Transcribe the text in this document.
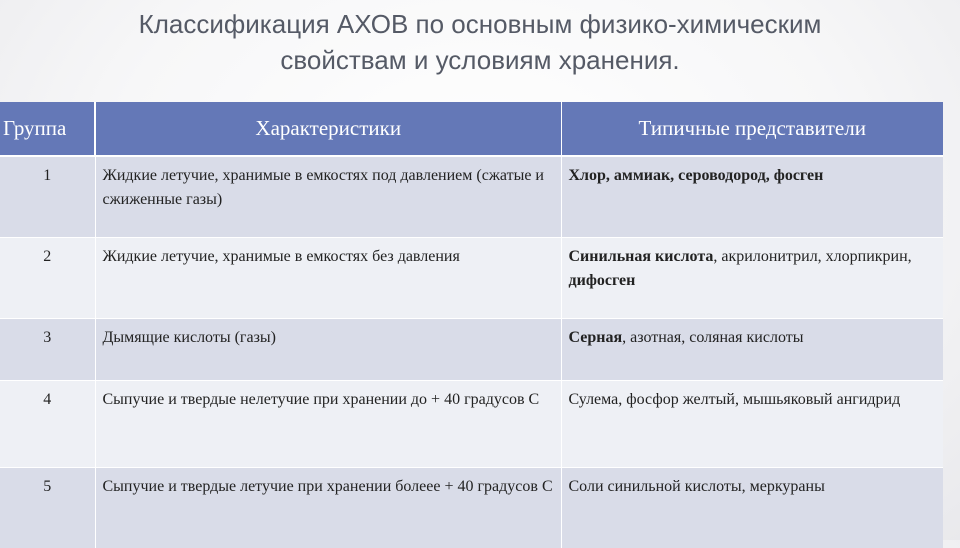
Классификация АХОВ по основным физико-химическим
свойствам и условиям хранения.
Группа	Характеристики	Типичные представители
1	Жидкие летучие, хранимые в емкостях под давлением (сжатые и сжиженные газы)	Хлор, аммиак, сероводород, фосген
2	Жидкие летучие, хранимые в емкостях без давления	Синильная кислота, акрилонитрил, хлорпикрин, дифосген
3	Дымящие кислоты (газы)	Серная, азотная, соляная кислоты
4	Сыпучие и твердые нелетучие при хранении до + 40 градусов С	Сулема, фосфор желтый, мышьяковый ангидрид
5	Сыпучие и твердые летучие при хранении болеее + 40 градусов С	Соли синильной кислоты, меркураны
